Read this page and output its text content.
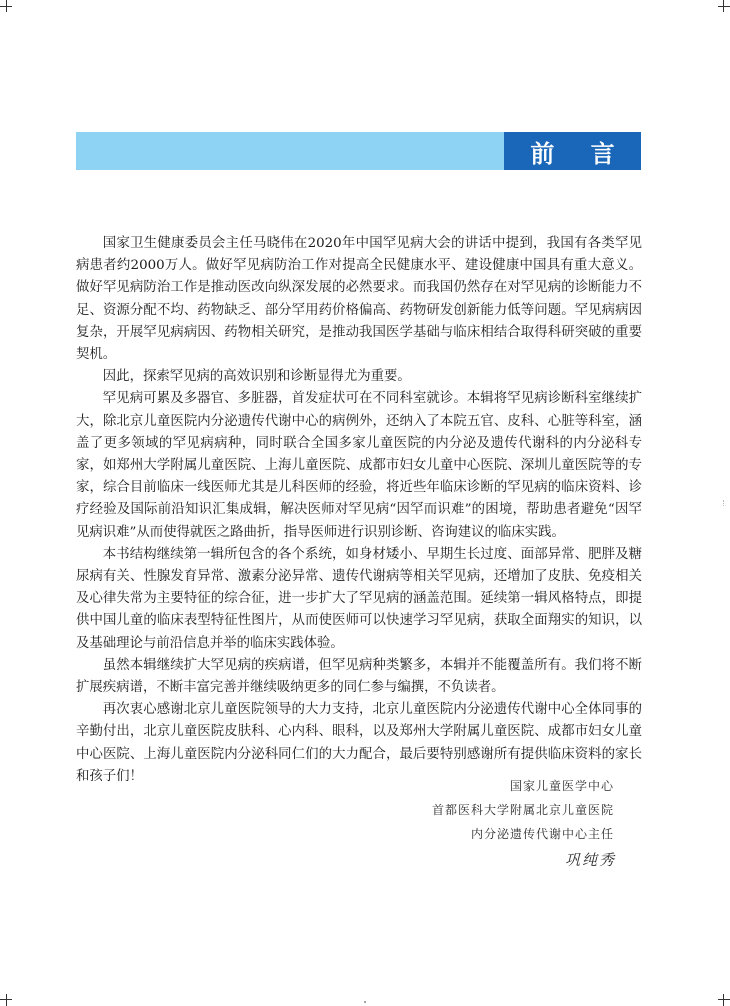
前 言

国家卫生健康委员会主任马晓伟在2020年中国罕见病大会的讲话中提到，我国有各类罕见病患者约2000万人。做好罕见病防治工作对提高全民健康水平、建设健康中国具有重大意义。做好罕见病防治工作是推动医改向纵深发展的必然要求。而我国仍然存在对罕见病的诊断能力不足、资源分配不均、药物缺乏、部分罕用药价格偏高、药物研发创新能力低等问题。罕见病病因复杂，开展罕见病病因、药物相关研究，是推动我国医学基础与临床相结合取得科研突破的重要契机。

因此，探索罕见病的高效识别和诊断显得尤为重要。

罕见病可累及多器官、多脏器，首发症状可在不同科室就诊。本辑将罕见病诊断科室继续扩大，除北京儿童医院内分泌遗传代谢中心的病例外，还纳入了本院五官、皮科、心脏等科室，涵盖了更多领域的罕见病病种，同时联合全国多家儿童医院的内分泌及遗传代谢科的内分泌科专家，如郑州大学附属儿童医院、上海儿童医院、成都市妇女儿童中心医院、深圳儿童医院等的专家，综合目前临床一线医师尤其是儿科医师的经验，将近些年临床诊断的罕见病的临床资料、诊疗经验及国际前沿知识汇集成辑，解决医师对罕见病“因罕而识难”的困境，帮助患者避免“因罕见病识难”从而使得就医之路曲折，指导医师进行识别诊断、咨询建议的临床实践。

本书结构继续第一辑所包含的各个系统，如身材矮小、早期生长过度、面部异常、肥胖及糖尿病有关、性腺发育异常、激素分泌异常、遗传代谢病等相关罕见病，还增加了皮肤、免疫相关及心律失常为主要特征的综合征，进一步扩大了罕见病的涵盖范围。延续第一辑风格特点，即提供中国儿童的临床表型特征性图片，从而使医师可以快速学习罕见病，获取全面翔实的知识，以及基础理论与前沿信息并举的临床实践体验。

虽然本辑继续扩大罕见病的疾病谱，但罕见病种类繁多，本辑并不能覆盖所有。我们将不断扩展疾病谱，不断丰富完善并继续吸纳更多的同仁参与编撰，不负读者。

再次衷心感谢北京儿童医院领导的大力支持，北京儿童医院内分泌遗传代谢中心全体同事的辛勤付出，北京儿童医院皮肤科、心内科、眼科，以及郑州大学附属儿童医院、成都市妇女儿童中心医院、上海儿童医院内分泌科同仁们的大力配合，最后要特别感谢所有提供临床资料的家长和孩子们！

国家儿童医学中心
首都医科大学附属北京儿童医院
内分泌遗传代谢中心主任
巩纯秀
